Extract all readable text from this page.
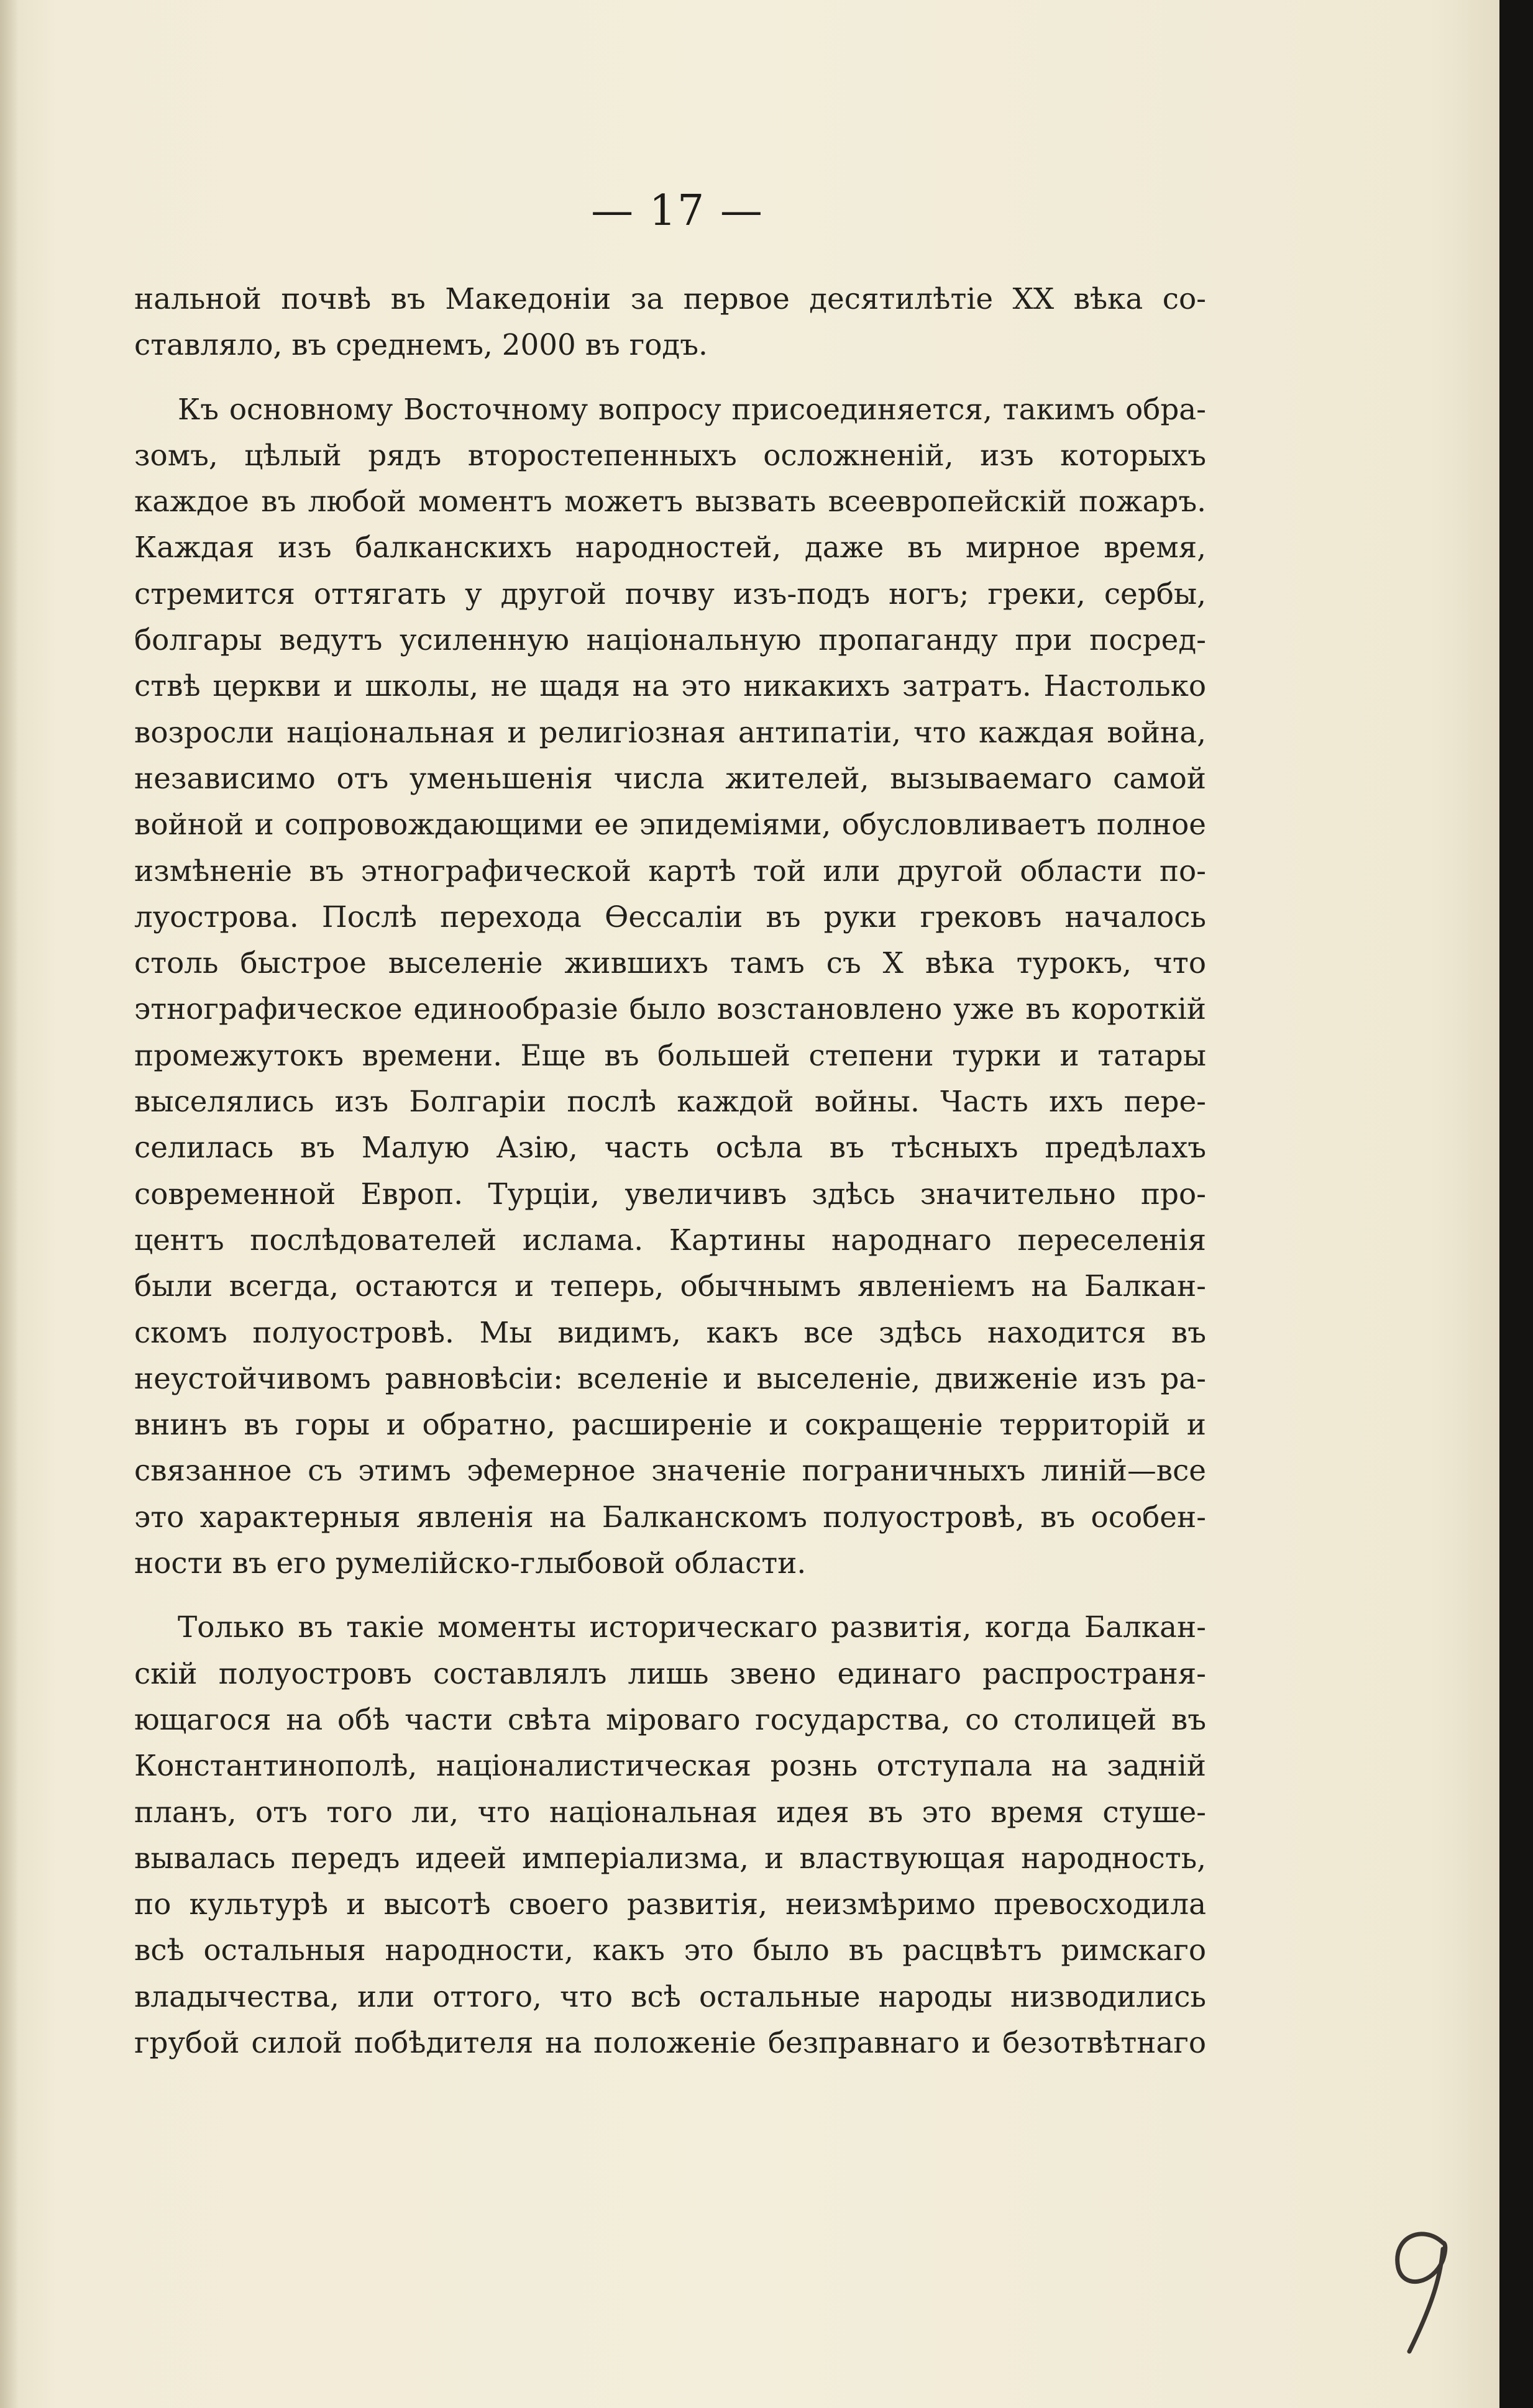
— 17 —

нальной почвѣ въ Македоніи за первое десятилѣтіе XX вѣка со-
ставляло, въ среднемъ, 2000 въ годъ.

Къ основному Восточному вопросу присоединяется, такимъ обра-
зомъ, цѣлый рядъ второстепенныхъ осложненій, изъ которыхъ
каждое въ любой моментъ можетъ вызвать всеевропейскій пожаръ.
Каждая изъ балканскихъ народностей, даже въ мирное время,
стремится оттягать у другой почву изъ-подъ ногъ; греки, сербы,
болгары ведутъ усиленную національную пропаганду при посред-
ствѣ церкви и школы, не щадя на это никакихъ затратъ. Настолько
возросли національная и религіозная антипатіи, что каждая война,
независимо отъ уменьшенія числа жителей, вызываемаго самой
войной и сопровождающими ее эпидеміями, обусловливаетъ полное
измѣненіе въ этнографической картѣ той или другой области по-
луострова. Послѣ перехода Ѳессаліи въ руки грековъ началось
столь быстрое выселеніе жившихъ тамъ съ X вѣка турокъ, что
этнографическое единообразіе было возстановлено уже въ короткій
промежутокъ времени. Еще въ большей степени турки и татары
выселялись изъ Болгаріи послѣ каждой войны. Часть ихъ пере-
селилась въ Малую Азію, часть осѣла въ тѣсныхъ предѣлахъ
современной Европ. Турціи, увеличивъ здѣсь значительно про-
центъ послѣдователей ислама. Картины народнаго переселенія
были всегда, остаются и теперь, обычнымъ явленіемъ на Балкан-
скомъ полуостровѣ. Мы видимъ, какъ все здѣсь находится въ
неустойчивомъ равновѣсіи: вселеніе и выселеніе, движеніе изъ ра-
внинъ въ горы и обратно, расширеніе и сокращеніе территорій и
связанное съ этимъ эфемерное значеніе пограничныхъ линій—все
это характерныя явленія на Балканскомъ полуостровѣ, въ особен-
ности въ его румелійско-глыбовой области.

Только въ такіе моменты историческаго развитія, когда Балкан-
скій полуостровъ составлялъ лишь звено единаго распространя-
ющагося на обѣ части свѣта міроваго государства, со столицей въ
Константинополѣ, націоналистическая рознь отступала на задній
планъ, отъ того ли, что національная идея въ это время стуше-
вывалась передъ идеей имперіализма, и властвующая народность,
по культурѣ и высотѣ своего развитія, неизмѣримо превосходила
всѣ остальныя народности, какъ это было въ расцвѣтъ римскаго
владычества, или оттого, что всѣ остальные народы низводились
грубой силой побѣдителя на положеніе безправнаго и безотвѣтнаго
